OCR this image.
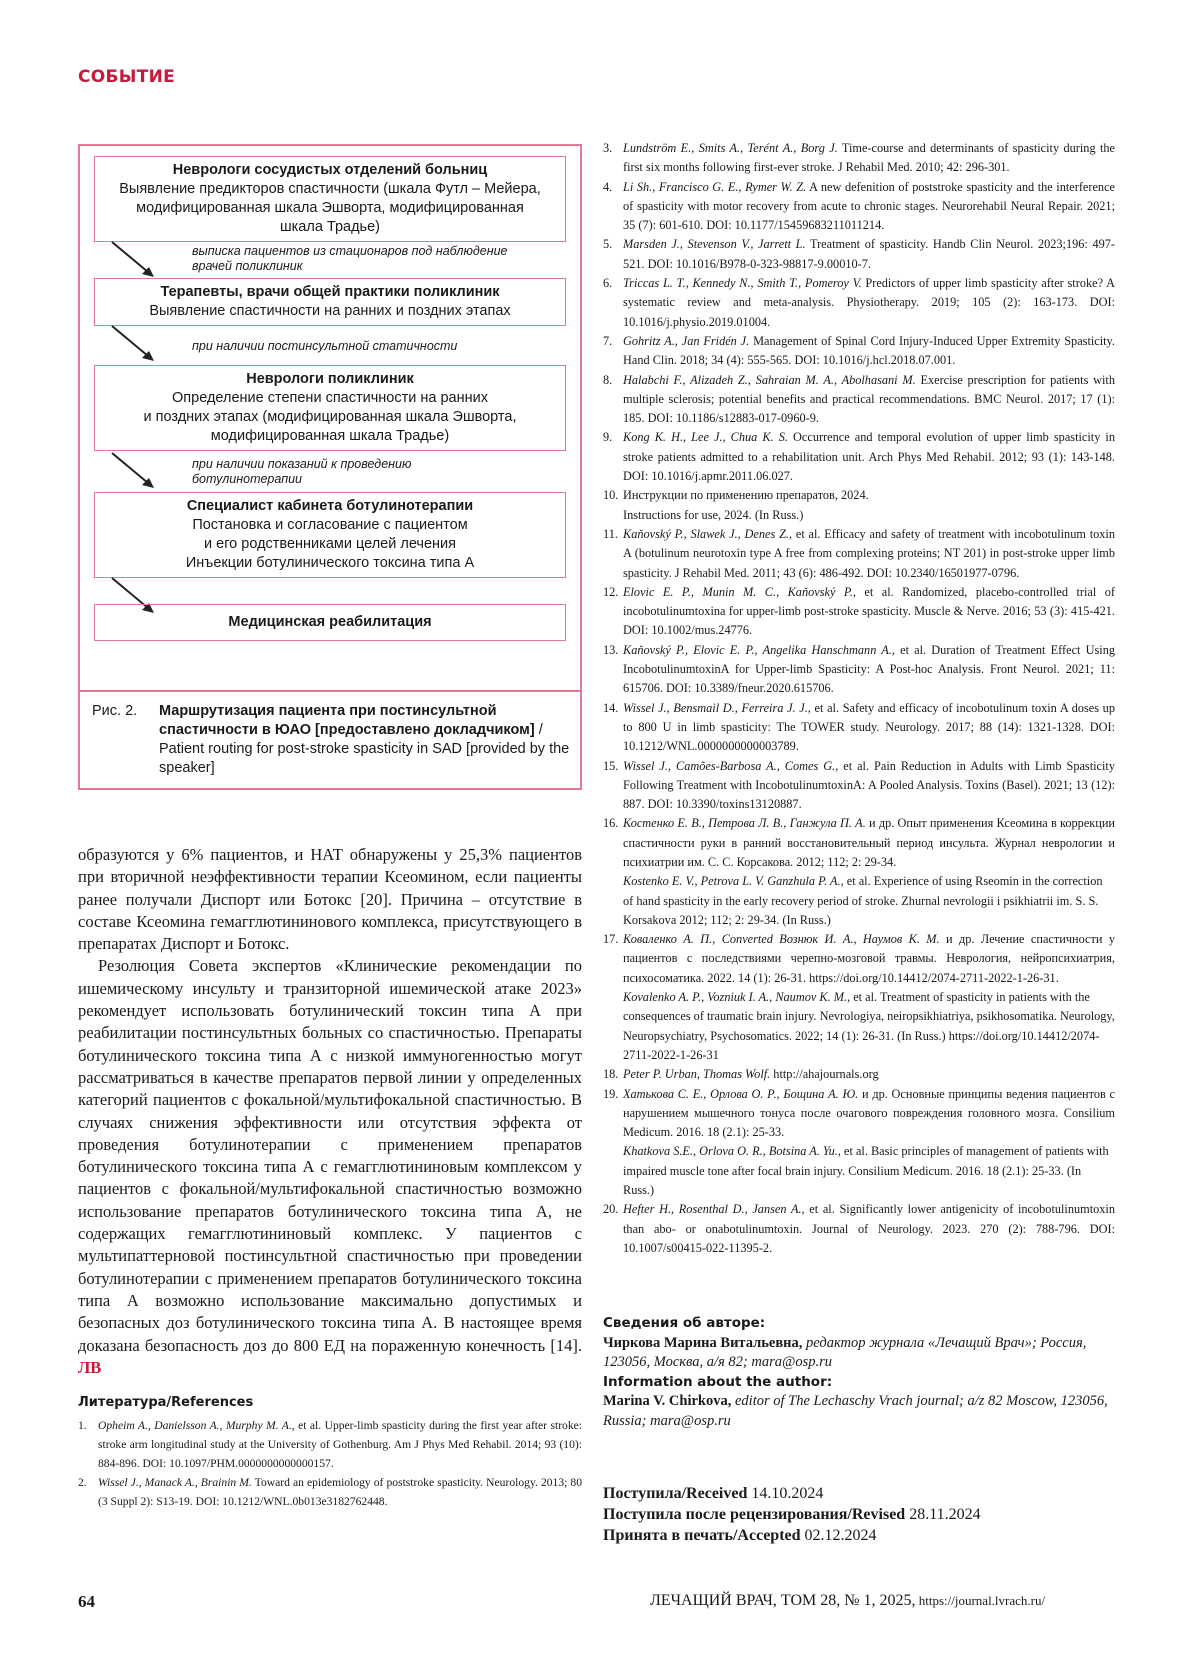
СОБЫТИЕ
Неврологи сосудистых отделений больниц
Выявление предикторов спастичности (шкала Футл – Мейера,
модифицированная шкала Эшворта, модифицированная
шкала Традье)
выписка пациентов из стационаров под наблюдение
врачей поликлиник
Терапевты, врачи общей практики поликлиник
Выявление спастичности на ранних и поздних этапах
при наличии постинсультной статичности
Неврологи поликлиник
Определение степени спастичности на ранних
и поздних этапах (модифицированная шкала Эшворта,
модифицированная шкала Традье)
при наличии показаний к проведению
ботулинотерапии
Специалист кабинета ботулинотерапии
Постановка и согласование с пациентом
и его родственниками целей лечения
Инъекции ботулинического токсина типа А
Медицинская реабилитация
Рис. 2. Маршрутизация пациента при постинсультной спастичности в ЮАО [предоставлено докладчиком] / Patient routing for post-stroke spasticity in SAD [provided by the speaker]

образуются у 6% пациентов, и НАТ обнаружены у 25,3% пациентов при вторичной неэффективности терапии Ксеомином, если пациенты ранее получали Диспорт или Ботокс [20]. Причина – отсутствие в составе Ксеомина гемагглютининового комплекса, присутствующего в препаратах Диспорт и Ботокс.

Резолюция Совета экспертов «Клинические рекомендации по ишемическому инсульту и транзиторной ишемической атаке 2023» рекомендует использовать ботулинический токсин типа А при реабилитации постинсультных больных со спастичностью. Препараты ботулинического токсина типа А с низкой иммуногенностью могут рассматриваться в качестве препаратов первой линии у определенных категорий пациентов с фокальной/мультифокальной спастичностью. В случаях снижения эффективности или отсутствия эффекта от проведения ботулинотерапии с применением препаратов ботулинического токсина типа А с гемагглютининовым комплексом у пациентов с фокальной/мультифокальной спастичностью возможно использование препаратов ботулинического токсина типа А, не содержащих гемагглютининовый комплекс. У пациентов с мультипаттерновой постинсультной спастичностью при проведении ботулинотерапии с применением препаратов ботулинического токсина типа А возможно использование максимально допустимых и безопасных доз ботулинического токсина типа А. В настоящее время доказана безопасность доз до 800 ЕД на пораженную конечность [14]. ЛВ

Литература/References
1. Opheim A., Danielsson A., Murphy M. A., et al. Upper-limb spasticity during the first year after stroke: stroke arm longitudinal study at the University of Gothenburg. Am J Phys Med Rehabil. 2014; 93 (10): 884-896. DOI: 10.1097/PHM.0000000000000157.
2. Wissel J., Manack A., Brainin M. Toward an epidemiology of poststroke spasticity. Neurology. 2013; 80 (3 Suppl 2): S13-19. DOI: 10.1212/WNL.0b013e3182762448.
3. Lundström E., Smits A., Terént A., Borg J. Time-course and determinants of spasticity during the first six months following first-ever stroke. J Rehabil Med. 2010; 42: 296-301.
4. Li Sh., Francisco G. E., Rymer W. Z. A new defenition of poststroke spasticity and the interference of spasticity with motor recovery from acute to chronic stages. Neurorehabil Neural Repair. 2021; 35 (7): 601-610. DOI: 10.1177/15459683211011214.
5. Marsden J., Stevenson V., Jarrett L. Treatment of spasticity. Handb Clin Neurol. 2023;196: 497-521. DOI: 10.1016/B978-0-323-98817-9.00010-7.
6. Triccas L. T., Kennedy N., Smith T., Pomeroy V. Predictors of upper limb spasticity after stroke? A systematic review and meta-analysis. Physiotherapy. 2019; 105 (2): 163-173. DOI: 10.1016/j.physio.2019.01004.
7. Gohritz A., Jan Fridén J. Management of Spinal Cord Injury-Induced Upper Extremity Spasticity. Hand Clin. 2018; 34 (4): 555-565. DOI: 10.1016/j.hcl.2018.07.001.
8. Halabchi F., Alizadeh Z., Sahraian M. A., Abolhasani M. Exercise prescription for patients with multiple sclerosis; potential benefits and practical recommendations. BMC Neurol. 2017; 17 (1): 185. DOI: 10.1186/s12883-017-0960-9.
9. Kong K. H., Lee J., Chua K. S. Occurrence and temporal evolution of upper limb spasticity in stroke patients admitted to a rehabilitation unit. Arch Phys Med Rehabil. 2012; 93 (1): 143-148. DOI: 10.1016/j.apmr.2011.06.027.
10. Инструкции по применению препаратов, 2024.
Instructions for use, 2024. (In Russ.)
11. Kaňovský P., Slawek J., Denes Z., et al. Efficacy and safety of treatment with incobotulinum toxin A (botulinum neurotoxin type A free from complexing proteins; NT 201) in post-stroke upper limb spasticity. J Rehabil Med. 2011; 43 (6): 486-492. DOI: 10.2340/16501977-0796.
12. Elovic E. P., Munin M. C., Kaňovský P., et al. Randomized, placebo-controlled trial of incobotulinumtoxina for upper-limb post-stroke spasticity. Muscle & Nerve. 2016; 53 (3): 415-421. DOI: 10.1002/mus.24776.
13. Kaňovský P., Elovic E. P., Angelika Hanschmann A., et al. Duration of Treatment Effect Using IncobotulinumtoxinA for Upper-limb Spasticity: A Post-hoc Analysis. Front Neurol. 2021; 11: 615706. DOI: 10.3389/fneur.2020.615706.
14. Wissel J., Bensmail D., Ferreira J. J., et al. Safety and efficacy of incobotulinum toxin A doses up to 800 U in limb spasticity: The TOWER study. Neurology. 2017; 88 (14): 1321-1328. DOI: 10.1212/WNL.0000000000003789.
15. Wissel J., Camões-Barbosa A., Comes G., et al. Pain Reduction in Adults with Limb Spasticity Following Treatment with IncobotulinumtoxinA: A Pooled Analysis. Toxins (Basel). 2021; 13 (12): 887. DOI: 10.3390/toxins13120887.
16. Костенко Е. В., Петрова Л. В., Ганжула П. А. и др. Опыт применения Ксеомина в коррекции спастичности руки в ранний восстановительный период инсульта. Журнал неврологии и психиатрии им. С. С. Корсакова. 2012; 112; 2: 29-34.
Kostenko E. V., Petrova L. V. Ganzhula P. A., et al. Experience of using Rseomin in the correction of hand spasticity in the early recovery period of stroke. Zhurnal nevrologii i psikhiatrii im. S. S. Korsakova 2012; 112; 2: 29-34. (In Russ.)
17. Коваленко А. П., Converted Вознюк И. А., Наумов К. М. и др. Лечение спастичности у пациентов с последствиями черепно-мозговой травмы. Неврология, нейропсихиатрия, психосоматика. 2022. 14 (1): 26-31. https://doi.org/10.14412/2074-2711-2022-1-26-31.
Kovalenko A. P., Vozniuk I. A., Naumov K. M., et al. Treatment of spasticity in patients with the consequences of traumatic brain injury. Nevrologiya, neiropsikhiatriya, psikhosomatika. Neurology, Neuropsychiatry, Psychosomatics. 2022; 14 (1): 26-31. (In Russ.) https://doi.org/10.14412/2074-2711-2022-1-26-31
18. Peter P. Urban, Thomas Wolf. http://ahajournals.org
19. Хатькова С. Е., Орлова О. Р., Бощина А. Ю. и др. Основные принципы ведения пациентов с нарушением мышечного тонуса после очагового повреждения головного мозга. Consilium Medicum. 2016. 18 (2.1): 25-33.
Khatkova S.E., Orlova O. R., Botsina A. Yu., et al. Basic principles of management of patients with impaired muscle tone after focal brain injury. Consilium Medicum. 2016. 18 (2.1): 25-33. (In Russ.)
20. Hefter H., Rosenthal D., Jansen A., et al. Significantly lower antigenicity of incobotulinumtoxin than abo- or onabotulinumtoxin. Journal of Neurology. 2023. 270 (2): 788-796. DOI: 10.1007/s00415-022-11395-2.
Сведения об авторе:
Чиркова Марина Витальевна, редактор журнала «Лечащий Врач»; Россия, 123056, Москва, а/я 82; mara@osp.ru
Information about the author:
Marina V. Chirkova, editor of The Lechaschy Vrach journal; a/z 82 Moscow, 123056, Russia; mara@osp.ru
Поступила/Received 14.10.2024
Поступила после рецензирования/Revised 28.11.2024
Принята в печать/Accepted 02.12.2024
64	ЛЕЧАЩИЙ ВРАЧ, ТОМ 28, № 1, 2025, https://journal.lvrach.ru/
